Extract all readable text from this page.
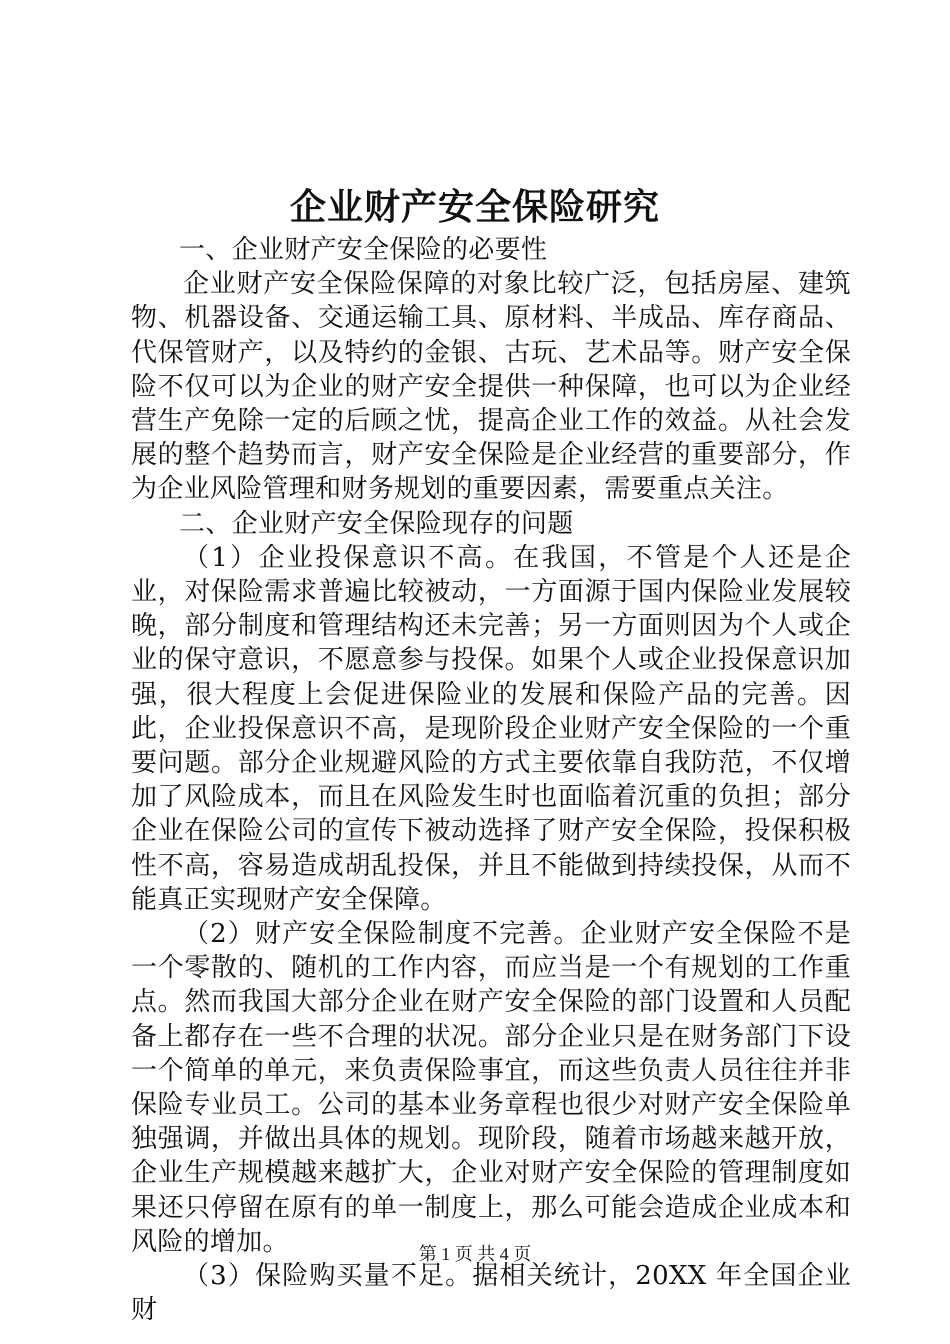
企业财产安全保险研究

一、企业财产安全保险的必要性

企业财产安全保险保障的对象比较广泛，包括房屋、建筑物、机器设备、交通运输工具、原材料、半成品、库存商品、代保管财产，以及特约的金银、古玩、艺术品等。财产安全保险不仅可以为企业的财产安全提供一种保障，也可以为企业经营生产免除一定的后顾之忧，提高企业工作的效益。从社会发展的整个趋势而言，财产安全保险是企业经营的重要部分，作为企业风险管理和财务规划的重要因素，需要重点关注。

二、企业财产安全保险现存的问题

（1）企业投保意识不高。在我国，不管是个人还是企业，对保险需求普遍比较被动，一方面源于国内保险业发展较晚，部分制度和管理结构还未完善；另一方面则因为个人或企业的保守意识，不愿意参与投保。如果个人或企业投保意识加强，很大程度上会促进保险业的发展和保险产品的完善。因此，企业投保意识不高，是现阶段企业财产安全保险的一个重要问题。部分企业规避风险的方式主要依靠自我防范，不仅增加了风险成本，而且在风险发生时也面临着沉重的负担；部分企业在保险公司的宣传下被动选择了财产安全保险，投保积极性不高，容易造成胡乱投保，并且不能做到持续投保，从而不能真正实现财产安全保障。

（2）财产安全保险制度不完善。企业财产安全保险不是一个零散的、随机的工作内容，而应当是一个有规划的工作重点。然而我国大部分企业在财产安全保险的部门设置和人员配备上都存在一些不合理的状况。部分企业只是在财务部门下设一个简单的单元，来负责保险事宜，而这些负责人员往往并非保险专业员工。公司的基本业务章程也很少对财产安全保险单独强调，并做出具体的规划。现阶段，随着市场越来越开放，企业生产规模越来越扩大，企业对财产安全保险的管理制度如果还只停留在原有的单一制度上，那么可能会造成企业成本和风险的增加。

（3）保险购买量不足。据相关统计，20XX 年全国企业财

第 1 页 共 4 页
